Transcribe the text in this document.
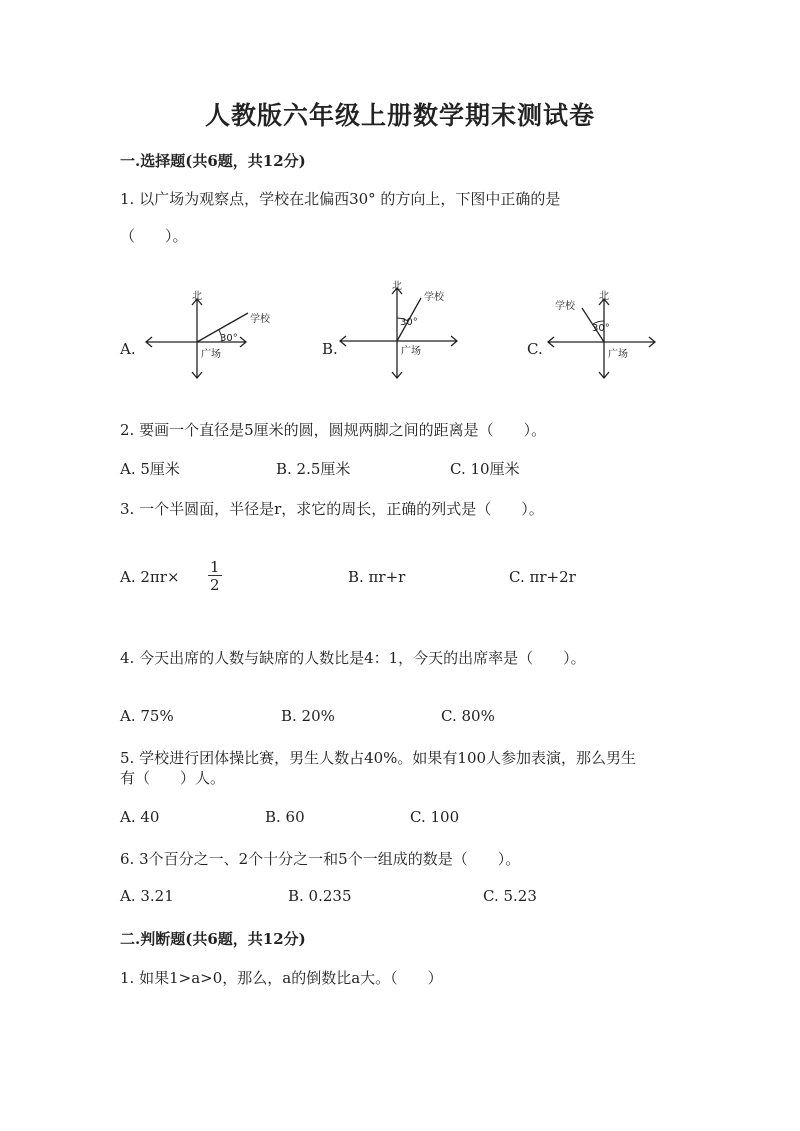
人教版六年级上册数学期末测试卷
一.选择题(共6题，共12分)
1. 以广场为观察点，学校在北偏西30° 的方向上，下图中正确的是
（　　）。
A.
北
学校
30°
广场	B.
北
学校
30°
广场	C.
北
学校
30°
广场
2. 要画一个直径是5厘米的圆，圆规两脚之间的距离是（　　）。
A. 5厘米	B. 2.5厘米	C. 10厘米
3. 一个半圆面，半径是r，求它的周长，正确的列式是（　　）。
A. $2\pi r\times \frac{1}{2}$	B. πr+r	C. πr+2r
4. 今天出席的人数与缺席的人数比是4：1，今天的出席率是（　　）。
A. 75%	B. 20%	C. 80%
5. 学校进行团体操比赛，男生人数占40%。如果有100人参加表演，那么男生
有（　　）人。
A. 40	B. 60	C. 100
6. 3个百分之一、2个十分之一和5个一组成的数是（　　）。
A. 3.21	B. 0.235	C. 5.23
二.判断题(共6题，共12分)
1. 如果1>a>0，那么，a的倒数比a大。（　　）
